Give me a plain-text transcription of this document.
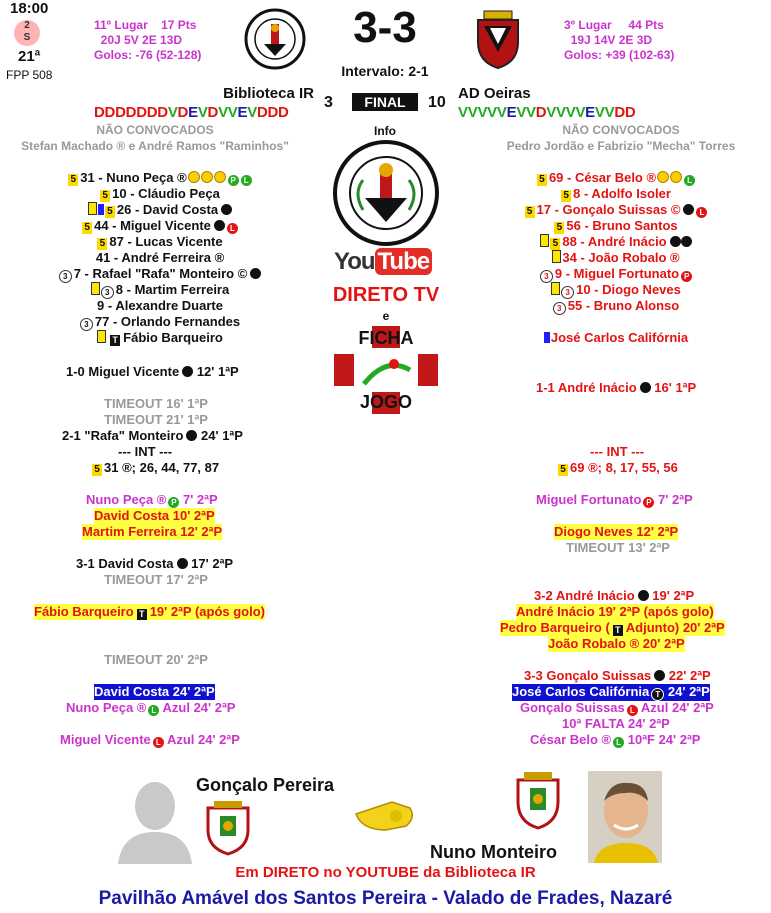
18:00
2
S
21ª
FPP 508
11º Lugar 17 Pts
20J 5V 2E 13D
Golos: -76 (52-128)
3-3
Intervalo: 2-1
3º Lugar 44 Pts
19J 14V 2E 3D
Golos: +39 (102-63)
Biblioteca IR
3	FINAL	10
AD Oeiras
DDDDDDDVDEVDVVEVDDD	VVVVVEVVDVVVVEVVDD
NÃO CONVOCADOS
Stefan Machado ® e André Ramos "Raminhos"
NÃO CONVOCADOS
Pedro Jordão e Fabrizio "Mecha" Torres
Info
You Tube
DIRETO TV
e
FICHA
JOGO
5 31 - Nuno Peça ®	P L
5 10 - Cláudio Peça
5 26 - David Costa
5 44 - Miguel Vicente L
5 87 - Lucas Vicente
41 - André Ferreira ®
3 7 - Rafael "Rafa" Monteiro ©
3 8 - Martim Ferreira
9 - Alexandre Duarte
3 77 - Orlando Fernandes
T Fábio Barqueiro
5 69 - César Belo ®	L
5 8 - Adolfo Isoler
5 17 - Gonçalo Suissas © L
5 56 - Bruno Santos
5 88 - André Inácio
34 - João Robalo ®
3 9 - Miguel Fortunato P
3 10 - Diogo Neves
3 55 - Bruno Alonso
José Carlos Califórnia
1-0 Miguel Vicente 12' 1ªP
TIMEOUT 16' 1ªP
TIMEOUT 21' 1ªP
2-1 "Rafa" Monteiro 24' 1ªP
--- INT ---
5 31 ®; 26, 44, 77, 87
Nuno Peça ® P 7' 2ªP
David Costa 10' 2ªP
Martim Ferreira 12' 2ªP
3-1 David Costa 17' 2ªP
TIMEOUT 17' 2ªP
Fábio Barqueiro T 19' 2ªP (após golo)
TIMEOUT 20' 2ªP
David Costa 24' 2ªP
Nuno Peça ® L Azul 24' 2ªP
Miguel Vicente L Azul 24' 2ªP
1-1 André Inácio 16' 1ªP
--- INT ---
5 69 ®; 8, 17, 55, 56
Miguel Fortunato P 7' 2ªP
Diogo Neves 12' 2ªP
TIMEOUT 13' 2ªP
3-2 André Inácio 19' 2ªP
André Inácio 19' 2ªP (após golo)
Pedro Barqueiro ( T Adjunto) 20' 2ªP
João Robalo ® 20' 2ªP
3-3 Gonçalo Suissas 22' 2ªP
José Carlos Califórnia T 24' 2ªP
Gonçalo Suissas L Azul 24' 2ªP
10ª FALTA 24' 2ªP
César Belo ® L 10ªF 24' 2ªP
Gonçalo Pereira
Nuno Monteiro
Em DIRETO no YOUTUBE da Biblioteca IR
Pavilhão Amável dos Santos Pereira - Valado de Frades, Nazaré
